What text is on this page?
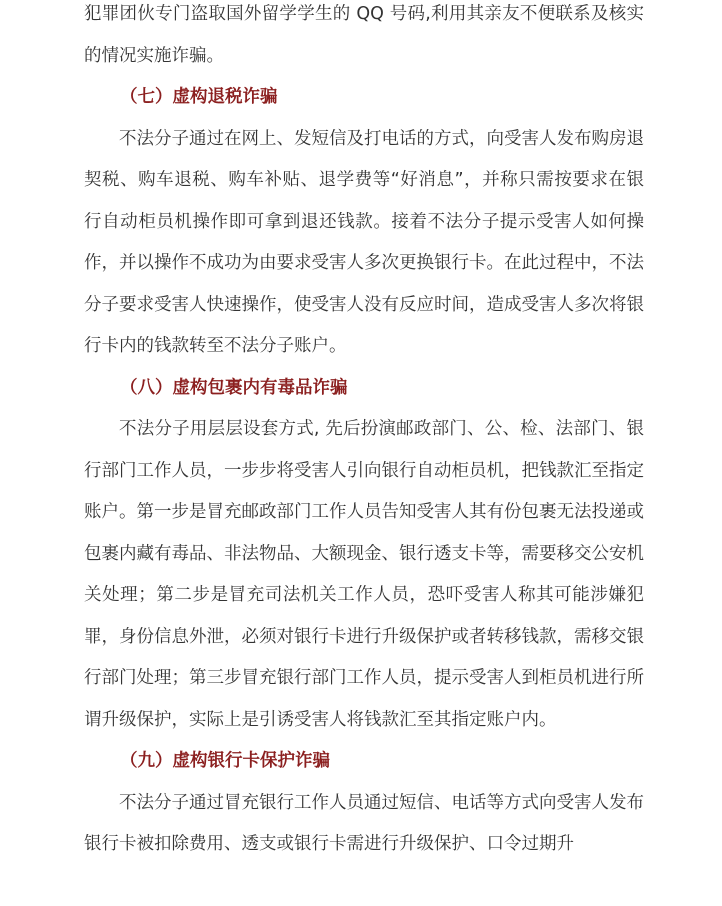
犯罪团伙专门盗取国外留学学生的 QQ 号码,利用其亲友不便联系及核实的情况实施诈骗。

（七）虚构退税诈骗

不法分子通过在网上、发短信及打电话的方式，向受害人发布购房退契税、购车退税、购车补贴、退学费等“好消息”，并称只需按要求在银行自动柜员机操作即可拿到退还钱款。接着不法分子提示受害人如何操作，并以操作不成功为由要求受害人多次更换银行卡。在此过程中，不法分子要求受害人快速操作，使受害人没有反应时间，造成受害人多次将银行卡内的钱款转至不法分子账户。

（八）虚构包裹内有毒品诈骗

不法分子用层层设套方式, 先后扮演邮政部门、公、检、法部门、银行部门工作人员，一步步将受害人引向银行自动柜员机，把钱款汇至指定账户。第一步是冒充邮政部门工作人员告知受害人其有份包裹无法投递或包裹内藏有毒品、非法物品、大额现金、银行透支卡等，需要移交公安机关处理；第二步是冒充司法机关工作人员，恐吓受害人称其可能涉嫌犯罪，身份信息外泄，必须对银行卡进行升级保护或者转移钱款，需移交银行部门处理；第三步冒充银行部门工作人员，提示受害人到柜员机进行所谓升级保护，实际上是引诱受害人将钱款汇至其指定账户内。

（九）虚构银行卡保护诈骗

不法分子通过冒充银行工作人员通过短信、电话等方式向受害人发布银行卡被扣除费用、透支或银行卡需进行升级保护、口令过期升
